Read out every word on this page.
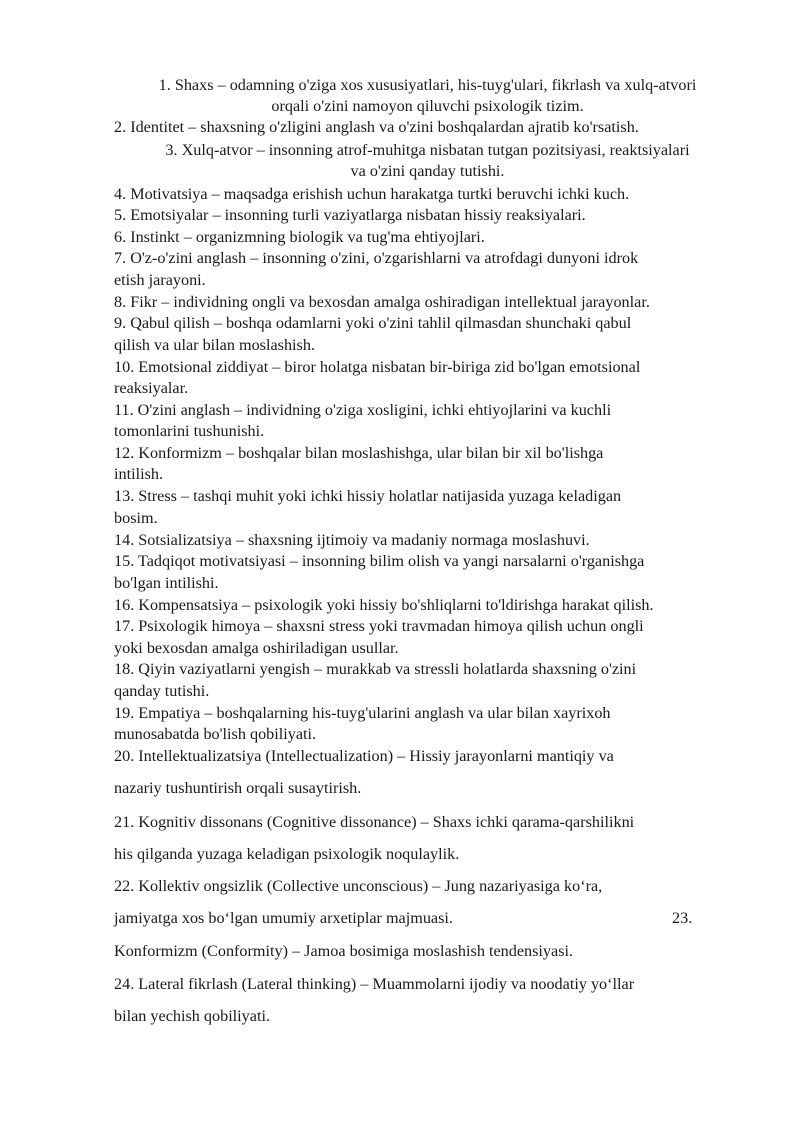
1. Shaxs – odamning o'ziga xos xususiyatlari, his-tuyg'ulari, fikrlash va xulq-atvori
orqali o'zini namoyon qiluvchi psixologik tizim.
2. Identitet – shaxsning o'zligini anglash va o'zini boshqalardan ajratib ko'rsatish.
3. Xulq-atvor – insonning atrof-muhitga nisbatan tutgan pozitsiyasi, reaktsiyalari
va o'zini qanday tutishi.
4. Motivatsiya – maqsadga erishish uchun harakatga turtki beruvchi ichki kuch.
5. Emotsiyalar – insonning turli vaziyatlarga nisbatan hissiy reaksiyalari.
6. Instinkt – organizmning biologik va tug'ma ehtiyojlari.
7. O'z-o'zini anglash – insonning o'zini, o'zgarishlarni va atrofdagi dunyoni idrok
etish jarayoni.
8. Fikr – individning ongli va bexosdan amalga oshiradigan intellektual jarayonlar.
9. Qabul qilish – boshqa odamlarni yoki o'zini tahlil qilmasdan shunchaki qabul
qilish va ular bilan moslashish.
10. Emotsional ziddiyat – biror holatga nisbatan bir-biriga zid bo'lgan emotsional
reaksiyalar.
11. O'zini anglash – individning o'ziga xosligini, ichki ehtiyojlarini va kuchli
tomonlarini tushunishi.
12. Konformizm – boshqalar bilan moslashishga, ular bilan bir xil bo'lishga
intilish.
13. Stress – tashqi muhit yoki ichki hissiy holatlar natijasida yuzaga keladigan
bosim.
14. Sotsializatsiya – shaxsning ijtimoiy va madaniy normaga moslashuvi.
15. Tadqiqot motivatsiyasi – insonning bilim olish va yangi narsalarni o'rganishga
bo'lgan intilishi.
16. Kompensatsiya – psixologik yoki hissiy bo'shliqlarni to'ldirishga harakat qilish.
17. Psixologik himoya – shaxsni stress yoki travmadan himoya qilish uchun ongli
yoki bexosdan amalga oshiriladigan usullar.
18. Qiyin vaziyatlarni yengish – murakkab va stressli holatlarda shaxsning o'zini
qanday tutishi.
19. Empatiya – boshqalarning his-tuyg'ularini anglash va ular bilan xayrixoh
munosabatda bo'lish qobiliyati.
20. Intellektualizatsiya (Intellectualization) – Hissiy jarayonlarni mantiqiy va
nazariy tushuntirish orqali susaytirish.
21. Kognitiv dissonans (Cognitive dissonance) – Shaxs ichki qarama-qarshilikni
his qilganda yuzaga keladigan psixologik noqulaylik.
22. Kollektiv ongsizlik (Collective unconscious) – Jung nazariyasiga ko‘ra,
jamiyatga xos bo‘lgan umumiy arxetiplar majmuasi.	23.
Konformizm (Conformity) – Jamoa bosimiga moslashish tendensiyasi.
24. Lateral fikrlash (Lateral thinking) – Muammolarni ijodiy va noodatiy yo‘llar
bilan yechish qobiliyati.
